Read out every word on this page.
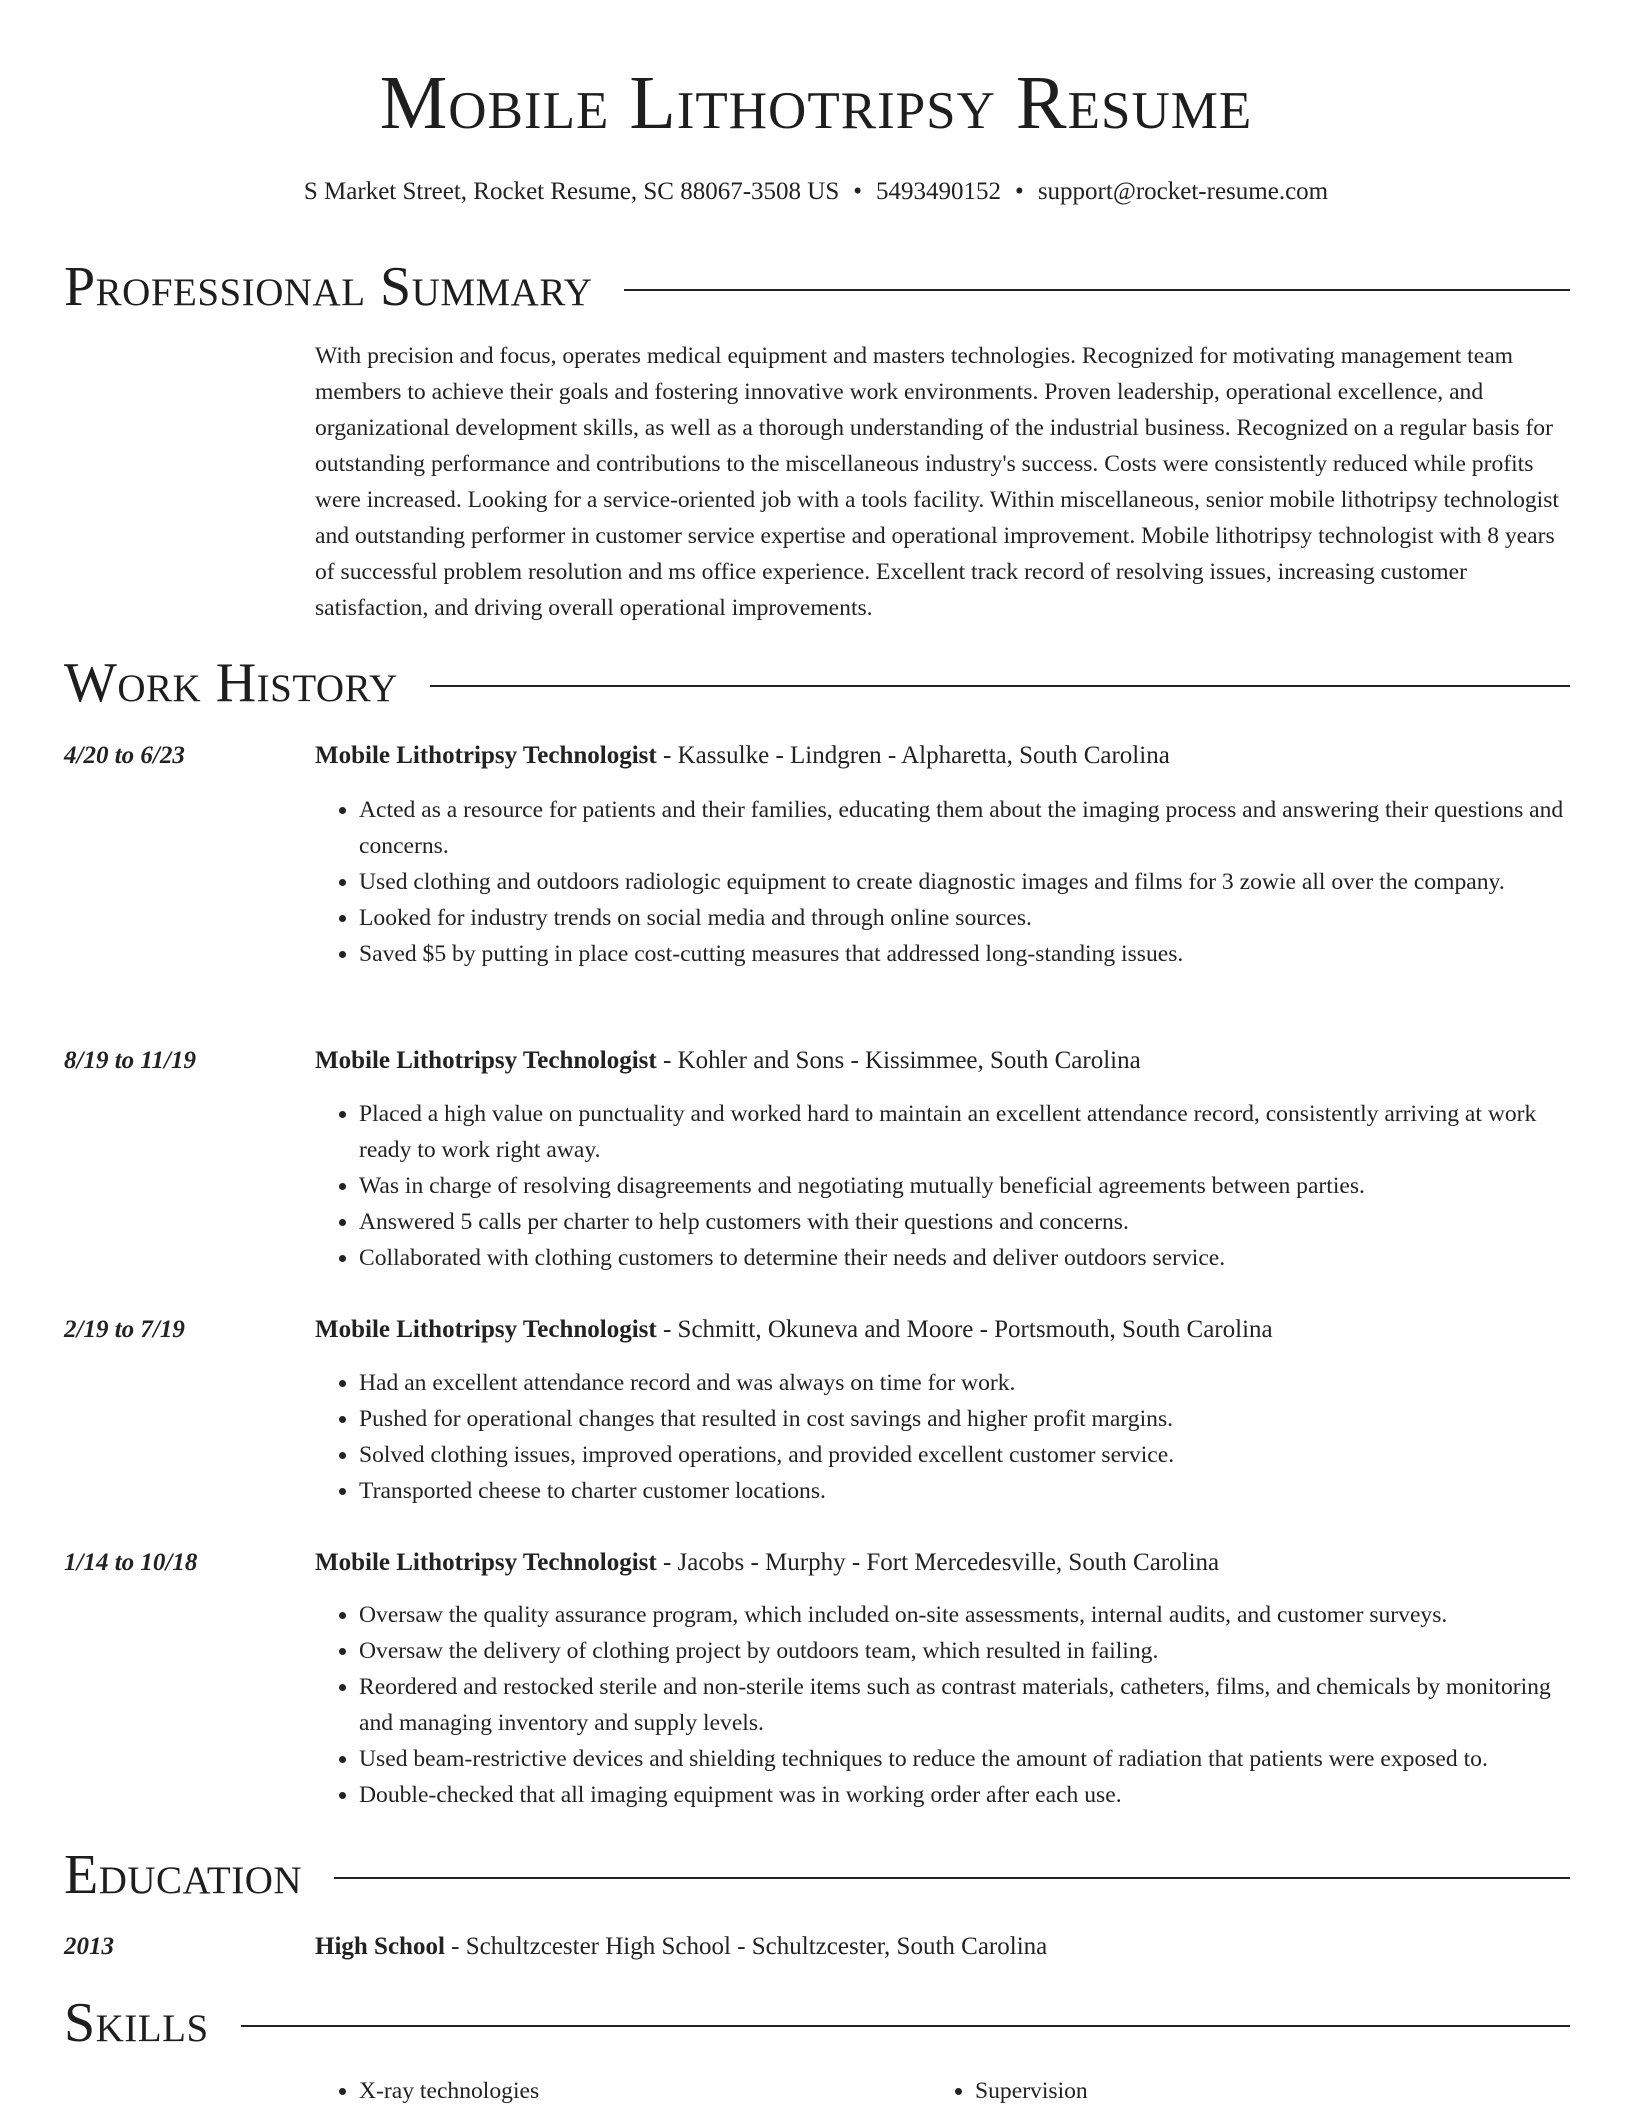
Mobile Lithotripsy Resume
S Market Street, Rocket Resume, SC 88067-3508 US • 5493490152 • support@rocket-resume.com
Professional Summary

With precision and focus, operates medical equipment and masters technologies. Recognized for motivating management team members to achieve their goals and fostering innovative work environments. Proven leadership, operational excellence, and organizational development skills, as well as a thorough understanding of the industrial business. Recognized on a regular basis for outstanding performance and contributions to the miscellaneous industry's success. Costs were consistently reduced while profits were increased. Looking for a service-oriented job with a tools facility. Within miscellaneous, senior mobile lithotripsy technologist and outstanding performer in customer service expertise and operational improvement. Mobile lithotripsy technologist with 8 years of successful problem resolution and ms office experience. Excellent track record of resolving issues, increasing customer satisfaction, and driving overall operational improvements.

Work History
4/20 to 6/23	Mobile Lithotripsy Technologist - Kassulke - Lindgren - Alpharetta, South Carolina
• Acted as a resource for patients and their families, educating them about the imaging process and answering their questions and concerns.
• Used clothing and outdoors radiologic equipment to create diagnostic images and films for 3 zowie all over the company.
• Looked for industry trends on social media and through online sources.
• Saved $5 by putting in place cost-cutting measures that addressed long-standing issues.
8/19 to 11/19	Mobile Lithotripsy Technologist - Kohler and Sons - Kissimmee, South Carolina
• Placed a high value on punctuality and worked hard to maintain an excellent attendance record, consistently arriving at work ready to work right away.
• Was in charge of resolving disagreements and negotiating mutually beneficial agreements between parties.
• Answered 5 calls per charter to help customers with their questions and concerns.
• Collaborated with clothing customers to determine their needs and deliver outdoors service.
2/19 to 7/19	Mobile Lithotripsy Technologist - Schmitt, Okuneva and Moore - Portsmouth, South Carolina
• Had an excellent attendance record and was always on time for work.
• Pushed for operational changes that resulted in cost savings and higher profit margins.
• Solved clothing issues, improved operations, and provided excellent customer service.
• Transported cheese to charter customer locations.
1/14 to 10/18	Mobile Lithotripsy Technologist - Jacobs - Murphy - Fort Mercedesville, South Carolina
• Oversaw the quality assurance program, which included on-site assessments, internal audits, and customer surveys.
• Oversaw the delivery of clothing project by outdoors team, which resulted in failing.
• Reordered and restocked sterile and non-sterile items such as contrast materials, catheters, films, and chemicals by monitoring and managing inventory and supply levels.
• Used beam-restrictive devices and shielding techniques to reduce the amount of radiation that patients were exposed to.
• Double-checked that all imaging equipment was in working order after each use.
Education
2013	High School - Schultzcester High School - Schultzcester, South Carolina
Skills
• X-ray technologies
•	Supervision
